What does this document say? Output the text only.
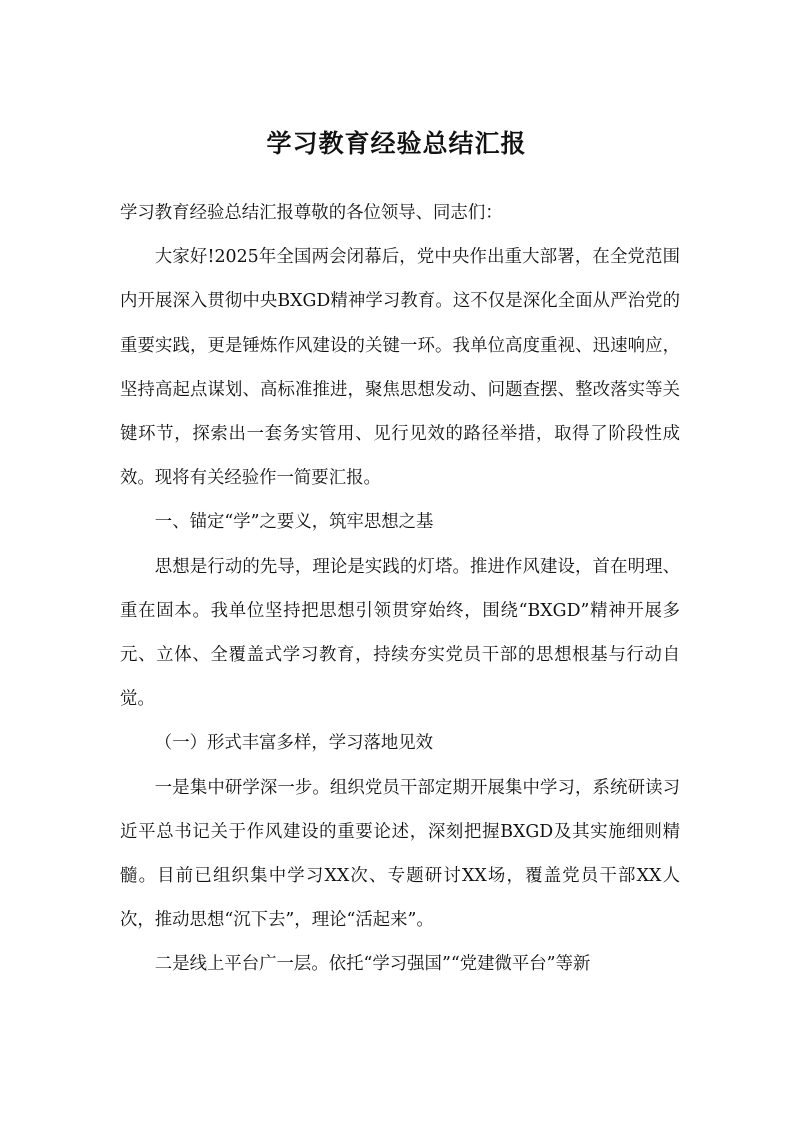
学习教育经验总结汇报

学习教育经验总结汇报尊敬的各位领导、同志们：

大家好!2025年全国两会闭幕后，党中央作出重大部署，在全党范围内开展深入贯彻中央BXGD精神学习教育。这不仅是深化全面从严治党的重要实践，更是锤炼作风建设的关键一环。我单位高度重视、迅速响应，坚持高起点谋划、高标准推进，聚焦思想发动、问题查摆、整改落实等关键环节，探索出一套务实管用、见行见效的路径举措，取得了阶段性成效。现将有关经验作一简要汇报。

一、锚定“学”之要义，筑牢思想之基

思想是行动的先导，理论是实践的灯塔。推进作风建设，首在明理、重在固本。我单位坚持把思想引领贯穿始终，围绕“BXGD”精神开展多元、立体、全覆盖式学习教育，持续夯实党员干部的思想根基与行动自觉。

（一）形式丰富多样，学习落地见效

一是集中研学深一步。组织党员干部定期开展集中学习，系统研读习近平总书记关于作风建设的重要论述，深刻把握BXGD及其实施细则精髓。目前已组织集中学习XX次、专题研讨XX场，覆盖党员干部XX人次，推动思想“沉下去”，理论“活起来”。

二是线上平台广一层。依托“学习强国”“党建微平台”等新
